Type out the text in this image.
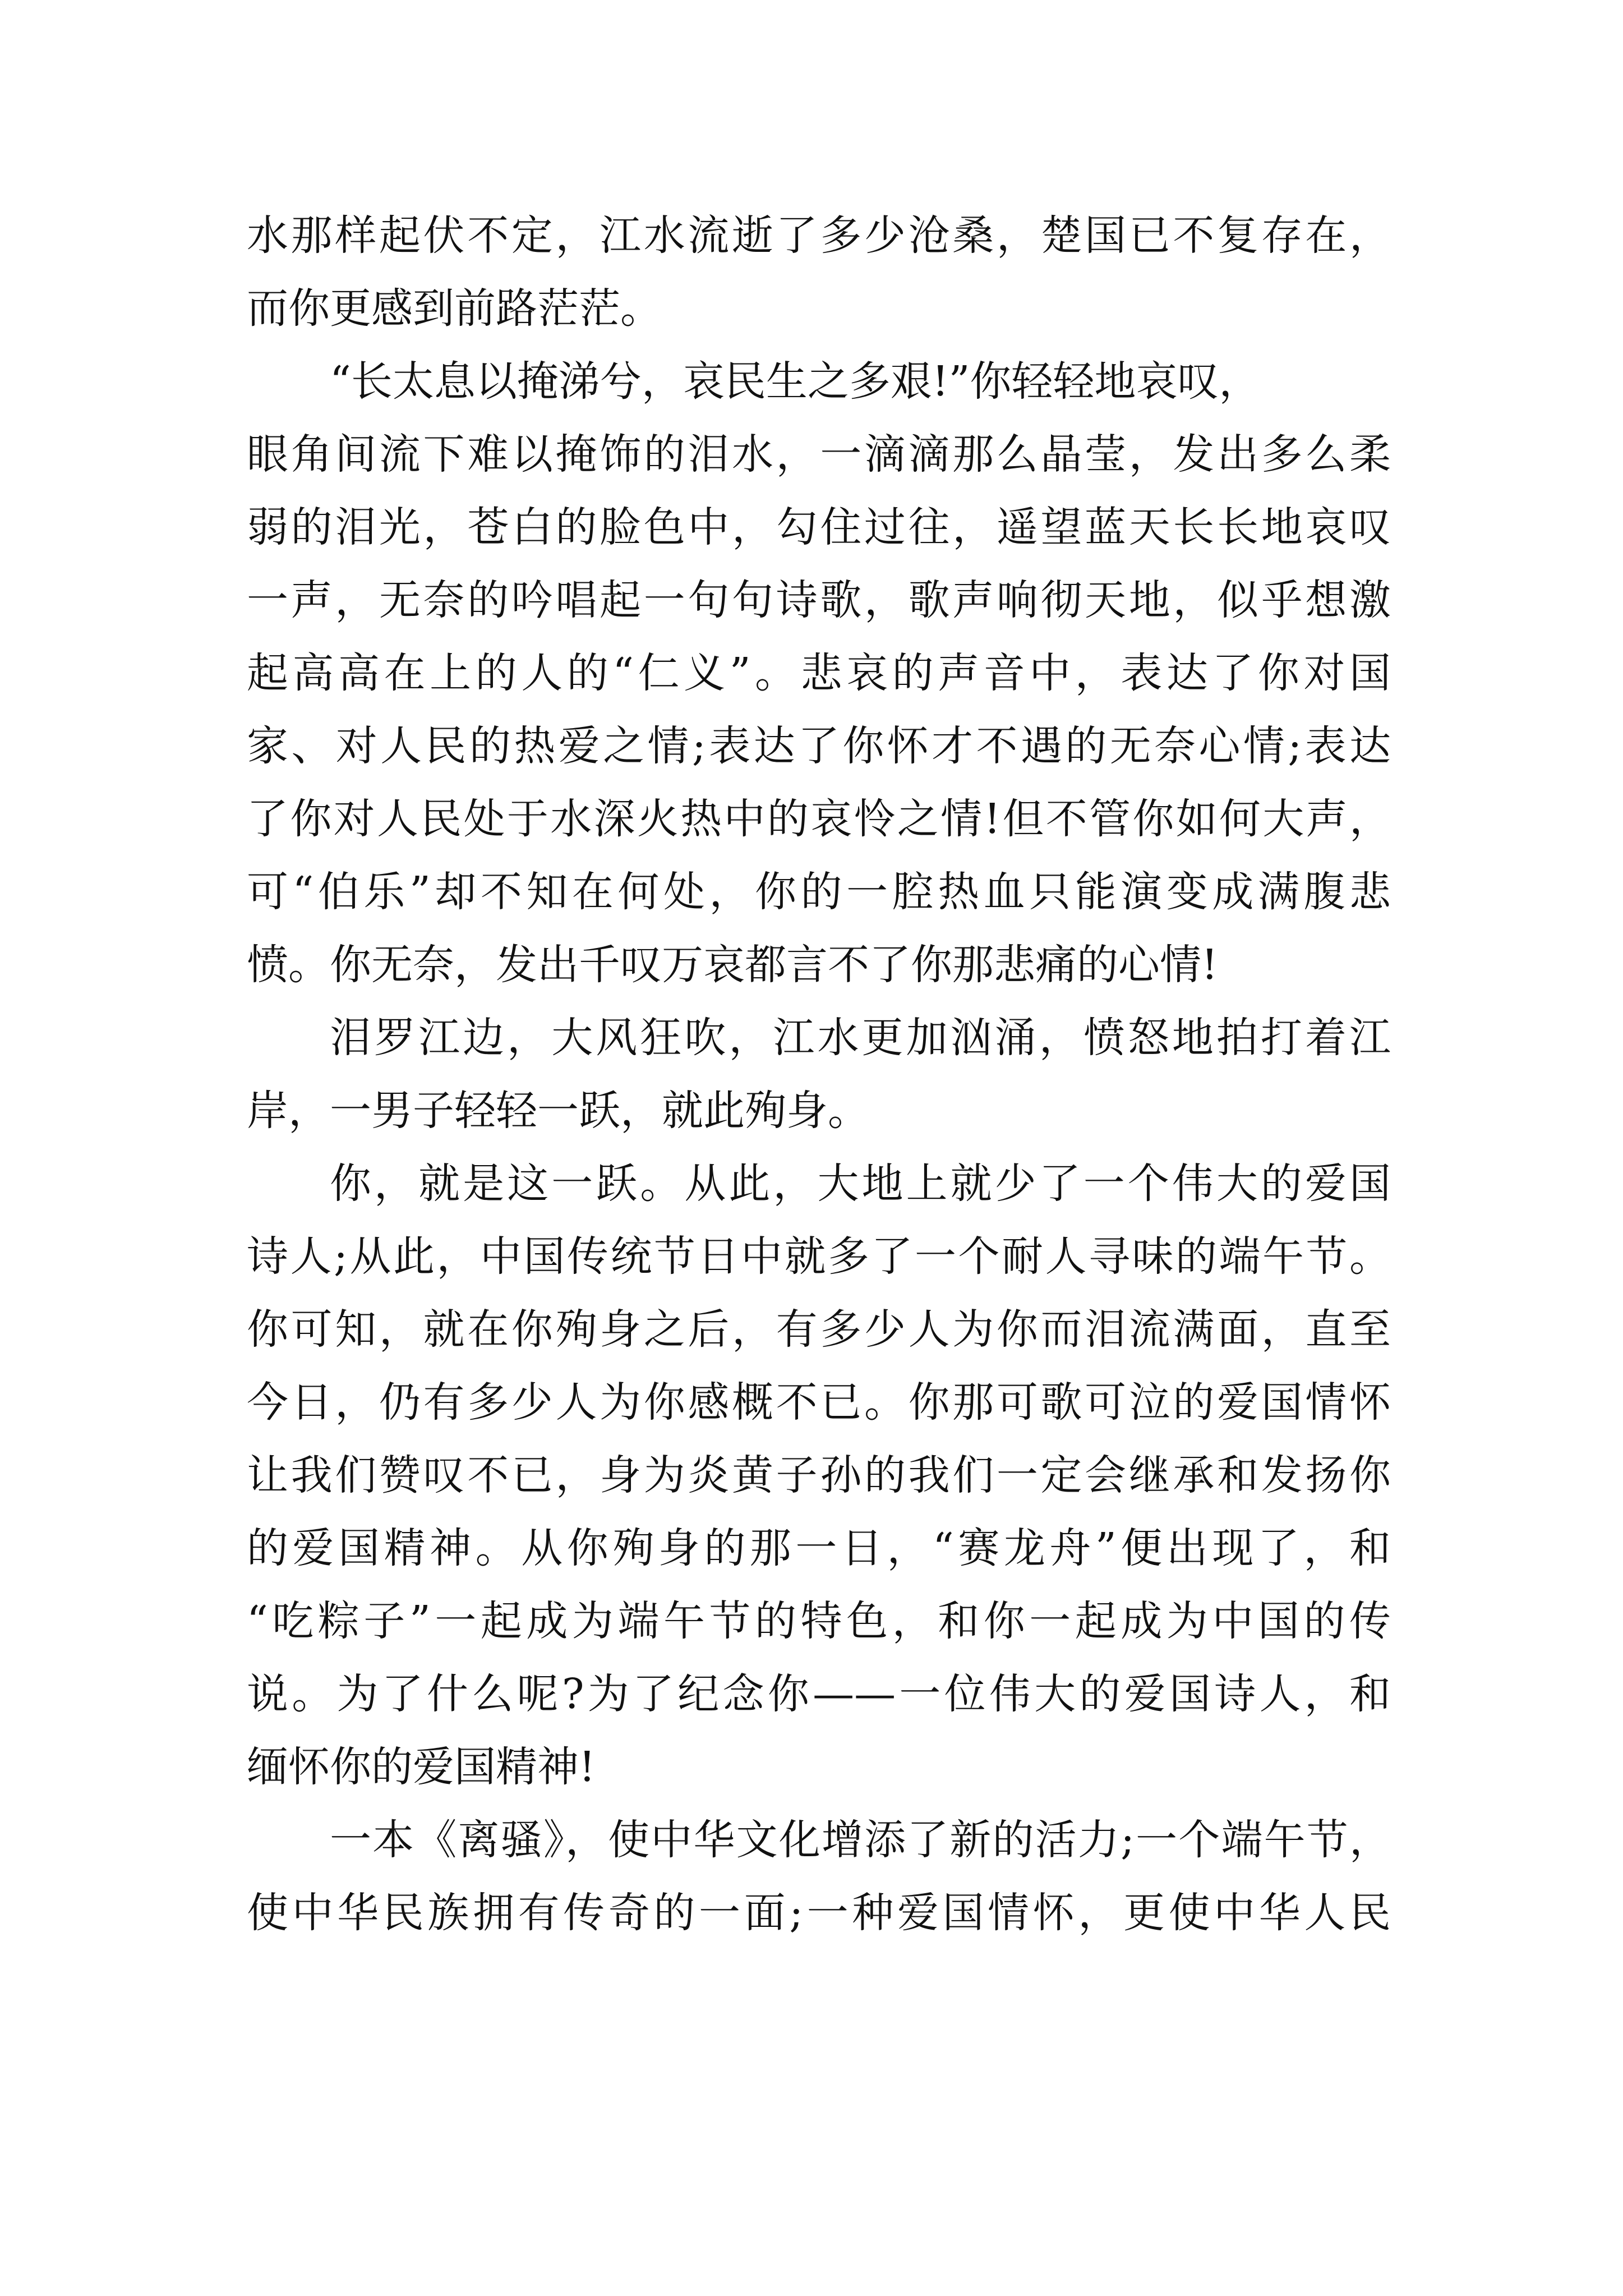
水那样起伏不定，江水流逝了多少沧桑，楚国已不复存在，
而你更感到前路茫茫。
“长太息以掩涕兮，哀民生之多艰!”你轻轻地哀叹，
眼角间流下难以掩饰的泪水，一滴滴那么晶莹，发出多么柔
弱的泪光，苍白的脸色中，勾住过往，遥望蓝天长长地哀叹
一声，无奈的吟唱起一句句诗歌，歌声响彻天地，似乎想激
起高高在上的人的“仁义”。悲哀的声音中，表达了你对国
家、对人民的热爱之情;表达了你怀才不遇的无奈心情;表达
了你对人民处于水深火热中的哀怜之情!但不管你如何大声，
可“伯乐”却不知在何处，你的一腔热血只能演变成满腹悲
愤。你无奈，发出千叹万哀都言不了你那悲痛的心情!
泪罗江边，大风狂吹，江水更加汹涌，愤怒地拍打着江
岸，一男子轻轻一跃，就此殉身。
你，就是这一跃。从此，大地上就少了一个伟大的爱国
诗人;从此，中国传统节日中就多了一个耐人寻味的端午节。
你可知，就在你殉身之后，有多少人为你而泪流满面，直至
今日，仍有多少人为你感概不已。你那可歌可泣的爱国情怀
让我们赞叹不已，身为炎黄子孙的我们一定会继承和发扬你
的爱国精神。从你殉身的那一日，“赛龙舟”便出现了，和
“吃粽子”一起成为端午节的特色，和你一起成为中国的传
说。为了什么呢?为了纪念你——一位伟大的爱国诗人，和
缅怀你的爱国精神!
一本《离骚》，使中华文化增添了新的活力;一个端午节，
使中华民族拥有传奇的一面;一种爱国情怀，更使中华人民
